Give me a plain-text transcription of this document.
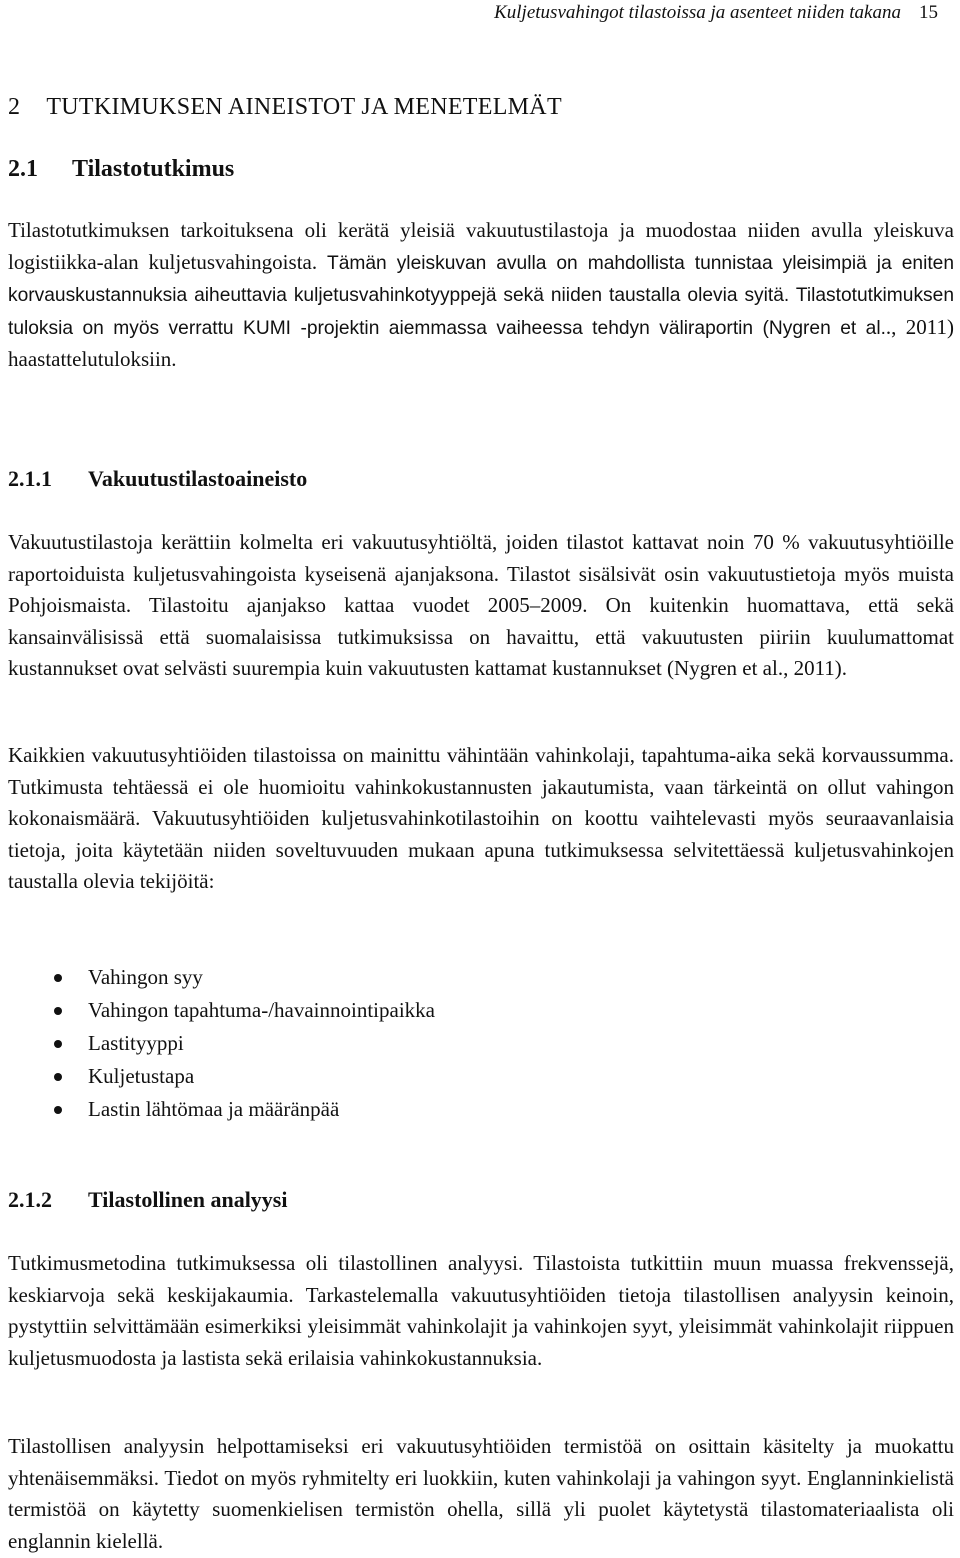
Kuljetusvahingot tilastoissa ja asenteet niiden takana 15
2 TUTKIMUKSEN AINEISTOT JA MENETELMÄT
2.1 Tilastotutkimus
Tilastotutkimuksen tarkoituksena oli kerätä yleisiä vakuutustilastoja ja muodostaa niiden avulla yleiskuva logistiikka-alan kuljetusvahingoista. Tämän yleiskuvan avulla on mahdollista tunnistaa yleisimpiä ja eniten korvauskustannuksia aiheuttavia kuljetusvahinkotyyppejä sekä niiden taustalla olevia syitä. Tilastotutkimuksen tuloksia on myös verrattu KUMI -projektin aiemmassa vaiheessa tehdyn väliraportin (Nygren et al.., 2011) haastattelutuloksiin.
2.1.1 Vakuutustilastoaineisto
Vakuutustilastoja kerättiin kolmelta eri vakuutusyhtiöltä, joiden tilastot kattavat noin 70 % vakuutusyhtiöille raportoiduista kuljetusvahingoista kyseisenä ajanjaksona. Tilastot sisälsivät osin vakuutustietoja myös muista Pohjoismaista. Tilastoitu ajanjakso kattaa vuodet 2005–2009. On kuitenkin huomattava, että sekä kansainvälisissä että suomalaisissa tutkimuksissa on havaittu, että vakuutusten piiriin kuulumattomat kustannukset ovat selvästi suurempia kuin vakuutusten kattamat kustannukset (Nygren et al., 2011).
Kaikkien vakuutusyhtiöiden tilastoissa on mainittu vähintään vahinkolaji, tapahtuma-aika sekä korvaussumma. Tutkimusta tehtäessä ei ole huomioitu vahinkokustannusten jakautumista, vaan tärkeintä on ollut vahingon kokonaismäärä. Vakuutusyhtiöiden kuljetusvahinkotilastoihin on koottu vaihtelevasti myös seuraavanlaisia tietoja, joita käytetään niiden soveltuvuuden mukaan apuna tutkimuksessa selvitettäessä kuljetusvahinkojen taustalla olevia tekijöitä:
Vahingon syy
Vahingon tapahtuma-/havainnointipaikka
Lastityyppi
Kuljetustapa
Lastin lähtömaa ja määränpää
2.1.2 Tilastollinen analyysi
Tutkimusmetodina tutkimuksessa oli tilastollinen analyysi. Tilastoista tutkittiin muun muassa frekvenssejä, keskiarvoja sekä keskijakaumia. Tarkastelemalla vakuutusyhtiöiden tietoja tilastollisen analyysin keinoin, pystyttiin selvittämään esimerkiksi yleisimmät vahinkolajit ja vahinkojen syyt, yleisimmät vahinkolajit riippuen kuljetusmuodosta ja lastista sekä erilaisia vahinkokustannuksia.
Tilastollisen analyysin helpottamiseksi eri vakuutusyhtiöiden termistöä on osittain käsitelty ja muokattu yhtenäisemmäksi. Tiedot on myös ryhmitelty eri luokkiin, kuten vahinkolaji ja vahingon syyt. Englanninkielistä termistöä on käytetty suomenkielisen termistön ohella, sillä yli puolet käytetystä tilastomateriaalista oli englannin kielellä.
